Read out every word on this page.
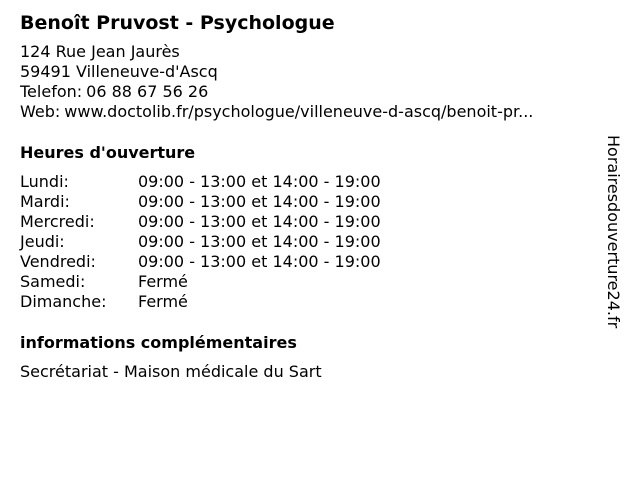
Benoît Pruvost - Psychologue
124 Rue Jean Jaurès
59491 Villeneuve-d'Ascq
Telefon: 06 88 67 56 26
Web: www.doctolib.fr/psychologue/villeneuve-d-ascq/benoit-pr...
Heures d'ouverture
Lundi:	09:00 - 13:00 et 14:00 - 19:00
Mardi:	09:00 - 13:00 et 14:00 - 19:00
Mercredi:	09:00 - 13:00 et 14:00 - 19:00
Jeudi:	09:00 - 13:00 et 14:00 - 19:00
Vendredi:	09:00 - 13:00 et 14:00 - 19:00
Samedi:	Fermé
Dimanche:	Fermé
informations complémentaires
Secrétariat - Maison médicale du Sart
Horairesdouverture24.fr
